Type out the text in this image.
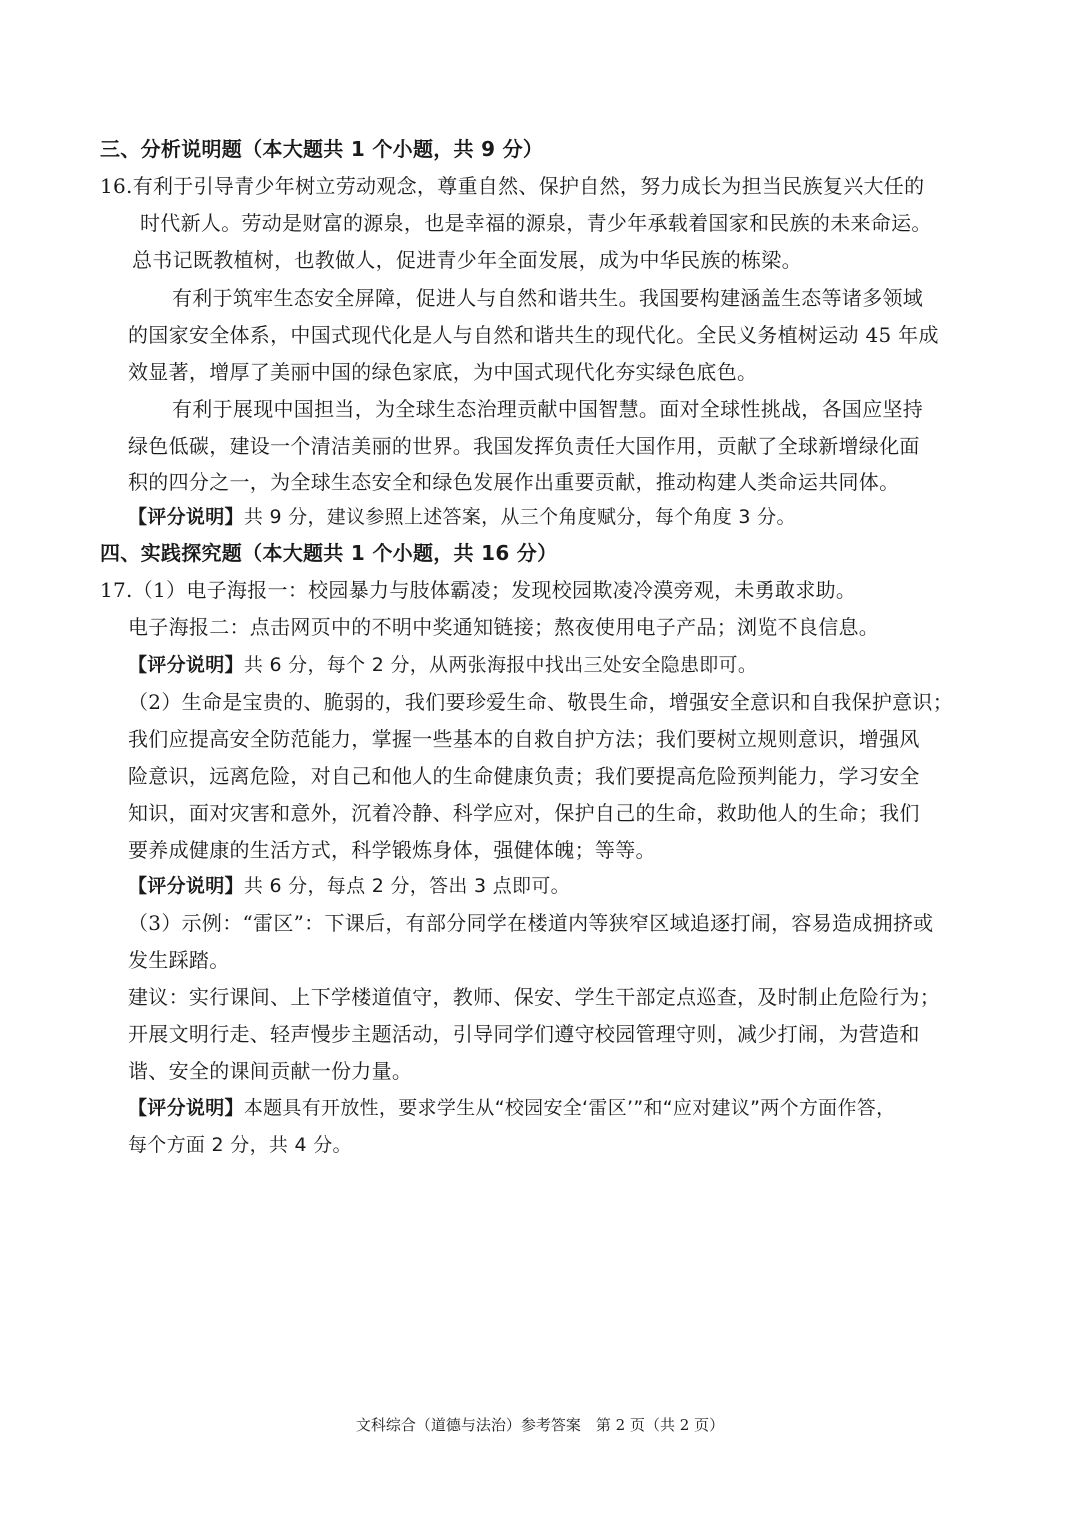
三、分析说明题（本大题共 1 个小题，共 9 分）
16.有利于引导青少年树立劳动观念，尊重自然、保护自然，努力成长为担当民族复兴大任的
时代新人。劳动是财富的源泉，也是幸福的源泉，青少年承载着国家和民族的未来命运。
总书记既教植树，也教做人，促进青少年全面发展，成为中华民族的栋梁。
有利于筑牢生态安全屏障，促进人与自然和谐共生。我国要构建涵盖生态等诸多领域
的国家安全体系，中国式现代化是人与自然和谐共生的现代化。全民义务植树运动 45 年成
效显著，增厚了美丽中国的绿色家底，为中国式现代化夯实绿色底色。
有利于展现中国担当，为全球生态治理贡献中国智慧。面对全球性挑战，各国应坚持
绿色低碳，建设一个清洁美丽的世界。我国发挥负责任大国作用，贡献了全球新增绿化面
积的四分之一，为全球生态安全和绿色发展作出重要贡献，推动构建人类命运共同体。
【评分说明】共 9 分，建议参照上述答案，从三个角度赋分，每个角度 3 分。
四、实践探究题（本大题共 1 个小题，共 16 分）
17.（1）电子海报一：校园暴力与肢体霸凌；发现校园欺凌冷漠旁观，未勇敢求助。
电子海报二：点击网页中的不明中奖通知链接；熬夜使用电子产品；浏览不良信息。
【评分说明】共 6 分，每个 2 分，从两张海报中找出三处安全隐患即可。
（2）生命是宝贵的、脆弱的，我们要珍爱生命、敬畏生命，增强安全意识和自我保护意识；
我们应提高安全防范能力，掌握一些基本的自救自护方法；我们要树立规则意识，增强风
险意识，远离危险，对自己和他人的生命健康负责；我们要提高危险预判能力，学习安全
知识，面对灾害和意外，沉着冷静、科学应对，保护自己的生命，救助他人的生命；我们
要养成健康的生活方式，科学锻炼身体，强健体魄；等等。
【评分说明】共 6 分，每点 2 分，答出 3 点即可。
（3）示例：“雷区”：下课后，有部分同学在楼道内等狭窄区域追逐打闹，容易造成拥挤或
发生踩踏。
建议：实行课间、上下学楼道值守，教师、保安、学生干部定点巡查，及时制止危险行为；
开展文明行走、轻声慢步主题活动，引导同学们遵守校园管理守则，减少打闹，为营造和
谐、安全的课间贡献一份力量。
【评分说明】本题具有开放性，要求学生从“校园安全‘雷区’”和“应对建议”两个方面作答，
每个方面 2 分，共 4 分。
文科综合（道德与法治）参考答案　第 2 页（共 2 页）
